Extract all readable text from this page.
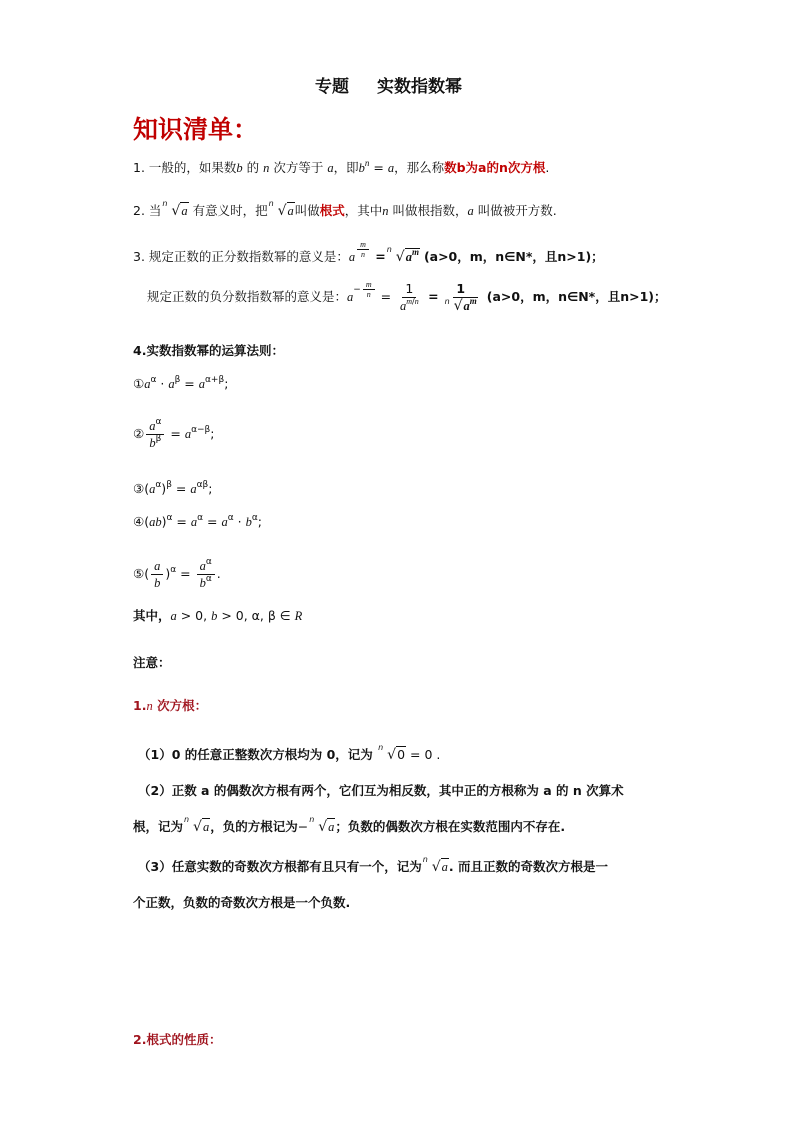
专题 实数指数幂
知识清单：
1. 一般的，如果数b 的 n 次方等于 a，即$b^n = a$，那么称数b为a的n次方根.
2. 当 n √a 有意义时，把 n √a叫做根式，其中n 叫做根指数，a 叫做被开方数.
3. 规定正数的正分数指数幂的意义是：a $^{\frac{m}{n}}$ = n $√a^m$ (a>0，m，n∈N*，且n>1)；
规定正数的负分数指数幂的意义是：$a^{- \frac{m}{n}} = \frac{1}{a^{m/n}} = \frac{1}{n √a^m} (a>0$，m，n∈N*，且n>1)；
4.实数指数幂的运算法则：
$①a^\alpha \cdot a^\beta = a^{\alpha+\beta}$;
② $\frac{a^\alpha}{b^\beta} = a^{\alpha-\beta}$;
$③(a^\alpha)^\beta = a^{\alpha\beta}$;
④(ab)$^\alpha$ = $a^\alpha = a^\alpha \cdot b^\alpha$;
⑤( $\frac{a}{b} )^\alpha = \frac{a^\alpha}{b^\alpha}$ .
其中，a > 0, b > 0, α, β ∈ R
注意：
1.n 次方根：
（1）0 的任意正整数次方根均为 0，记为 n √0 = 0 .
（2）正数 a 的偶数次方根有两个，它们互为相反数，其中正的方根称为 a 的 n 次算术
根，记为 n √a，负的方根记为− n √a；负数的偶数次方根在实数范围内不存在.
（3）任意实数的奇数次方根都有且只有一个，记为 n √a. 而且正数的奇数次方根是一
个正数，负数的奇数次方根是一个负数.
2.根式的性质：
